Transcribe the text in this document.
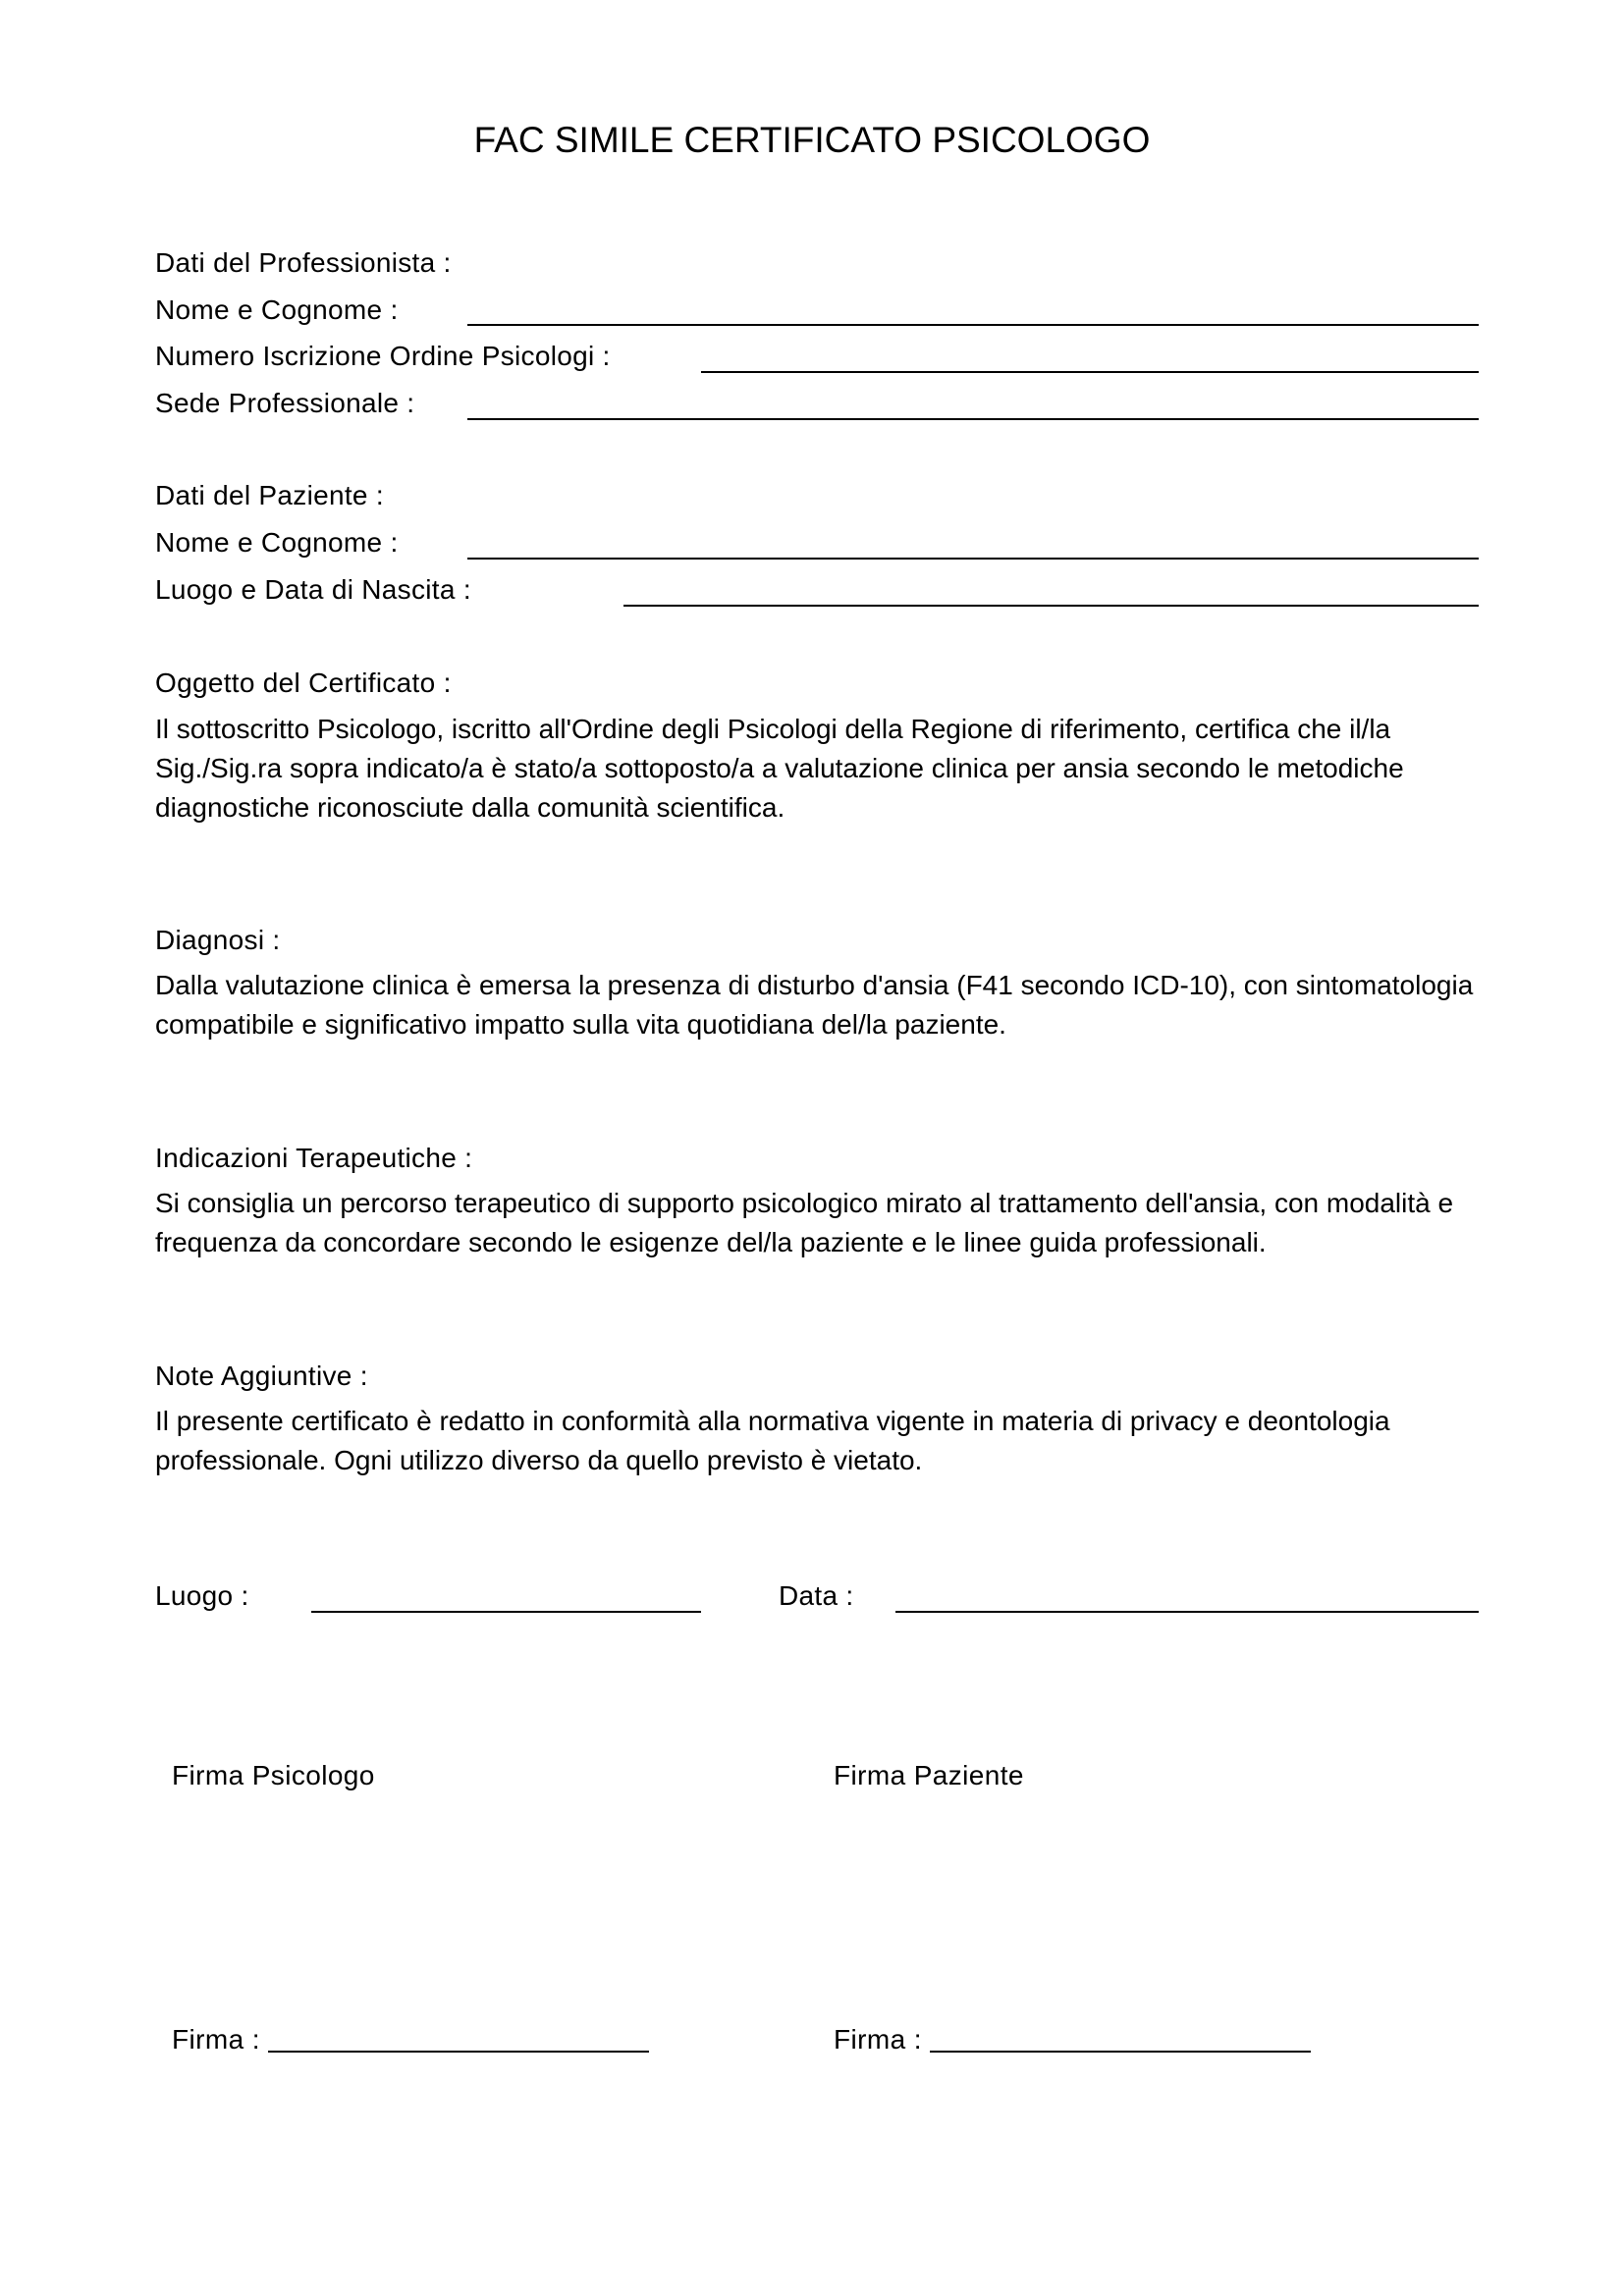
FAC SIMILE CERTIFICATO PSICOLOGO
Dati del Professionista :
Nome e Cognome :
Numero Iscrizione Ordine Psicologi :
Sede Professionale :
Dati del Paziente :
Nome e Cognome :
Luogo e Data di Nascita :
Oggetto del Certificato :
Il sottoscritto Psicologo, iscritto all'Ordine degli Psicologi della Regione di riferimento, certifica che il/la Sig./Sig.ra sopra indicato/a è stato/a sottoposto/a a valutazione clinica per ansia secondo le metodiche diagnostiche riconosciute dalla comunità scientifica.
Diagnosi :
Dalla valutazione clinica è emersa la presenza di disturbo d'ansia (F41 secondo ICD-10), con sintomatologia compatibile e significativo impatto sulla vita quotidiana del/la paziente.
Indicazioni Terapeutiche :
Si consiglia un percorso terapeutico di supporto psicologico mirato al trattamento dell'ansia, con modalità e frequenza da concordare secondo le esigenze del/la paziente e le linee guida professionali.
Note Aggiuntive :
Il presente certificato è redatto in conformità alla normativa vigente in materia di privacy e deontologia professionale. Ogni utilizzo diverso da quello previsto è vietato.
Luogo :	Data :
Firma Psicologo	Firma Paziente
Firma :	Firma :
